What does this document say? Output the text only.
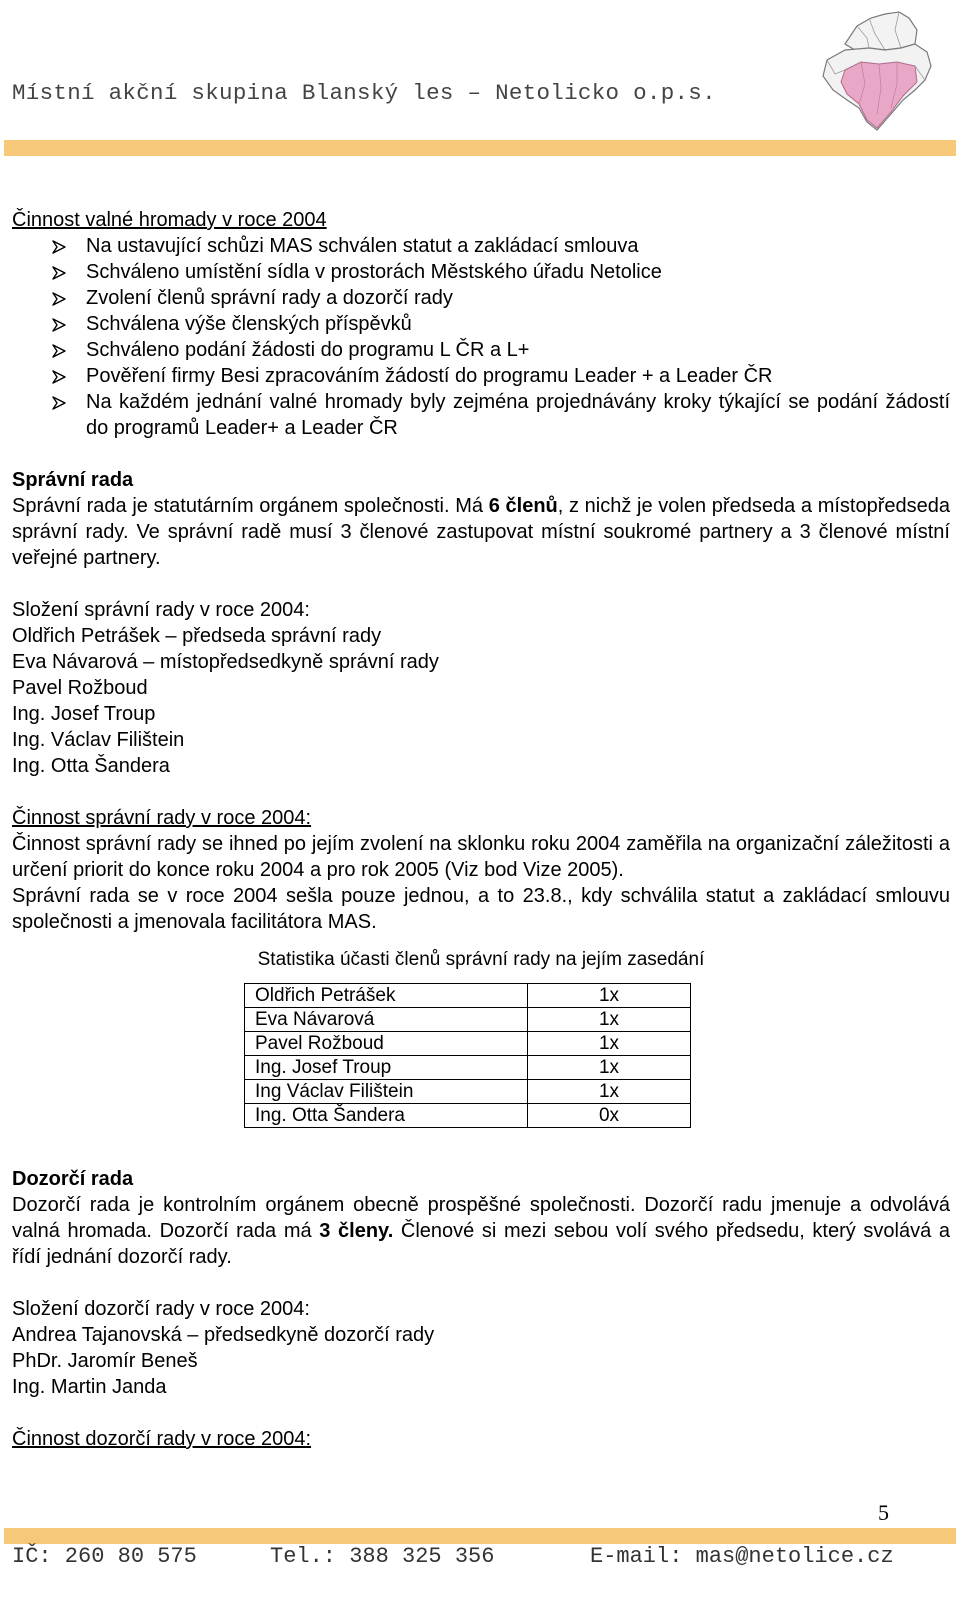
Místní akční skupina Blanský les – Netolicko o.p.s.
Činnost valné hromady v roce 2004
Na ustavující schůzi MAS schválen statut a zakládací smlouva
Schváleno umístění sídla v prostorách Městského úřadu Netolice
Zvolení členů správní rady a dozorčí rady
Schválena výše členských příspěvků
Schváleno podání žádosti do programu L ČR a L+
Pověření firmy Besi zpracováním žádostí do programu Leader + a Leader ČR
Na každém jednání valné hromady byly zejména projednávány kroky týkající se podání žádostí do programů Leader+ a Leader ČR
Správní rada
Správní rada je statutárním orgánem společnosti. Má 6 členů, z nichž je volen předseda a místopředseda správní rady. Ve správní radě musí 3 členové zastupovat místní soukromé partnery a 3 členové místní veřejné partnery.
Složení správní rady v roce 2004:
Oldřich Petrášek – předseda správní rady
Eva Návarová – místopředsedkyně správní rady
Pavel Rožboud
Ing. Josef Troup
Ing. Václav Filištein
Ing. Otta Šandera
Činnost správní rady v roce 2004:
Činnost správní rady se ihned po jejím zvolení na sklonku roku 2004 zaměřila na organizační záležitosti a určení priorit do konce roku 2004 a pro rok 2005 (Viz bod Vize 2005).
Správní rada se v roce 2004 sešla pouze jednou, a to 23.8., kdy schválila statut a zakládací smlouvu společnosti a jmenovala facilitátora MAS.
Statistika účasti členů správní rady na jejím zasedání
Oldřich Petrášek	1x
Eva Návarová	1x
Pavel Rožboud	1x
Ing. Josef Troup	1x
Ing Václav Filištein	1x
Ing. Otta Šandera	0x
Dozorčí rada
Dozorčí rada je kontrolním orgánem obecně prospěšné společnosti. Dozorčí radu jmenuje a odvolává valná hromada. Dozorčí rada má 3 členy. Členové si mezi sebou volí svého předsedu, který svolává a řídí jednání dozorčí rady.
Složení dozorčí rady v roce 2004:
Andrea Tajanovská – předsedkyně dozorčí rady
PhDr. Jaromír Beneš
Ing. Martin Janda
Činnost dozorčí rady v roce 2004:
5
IČ: 260 80 575	Tel.: 388 325 356	E-mail: mas@netolice.cz
